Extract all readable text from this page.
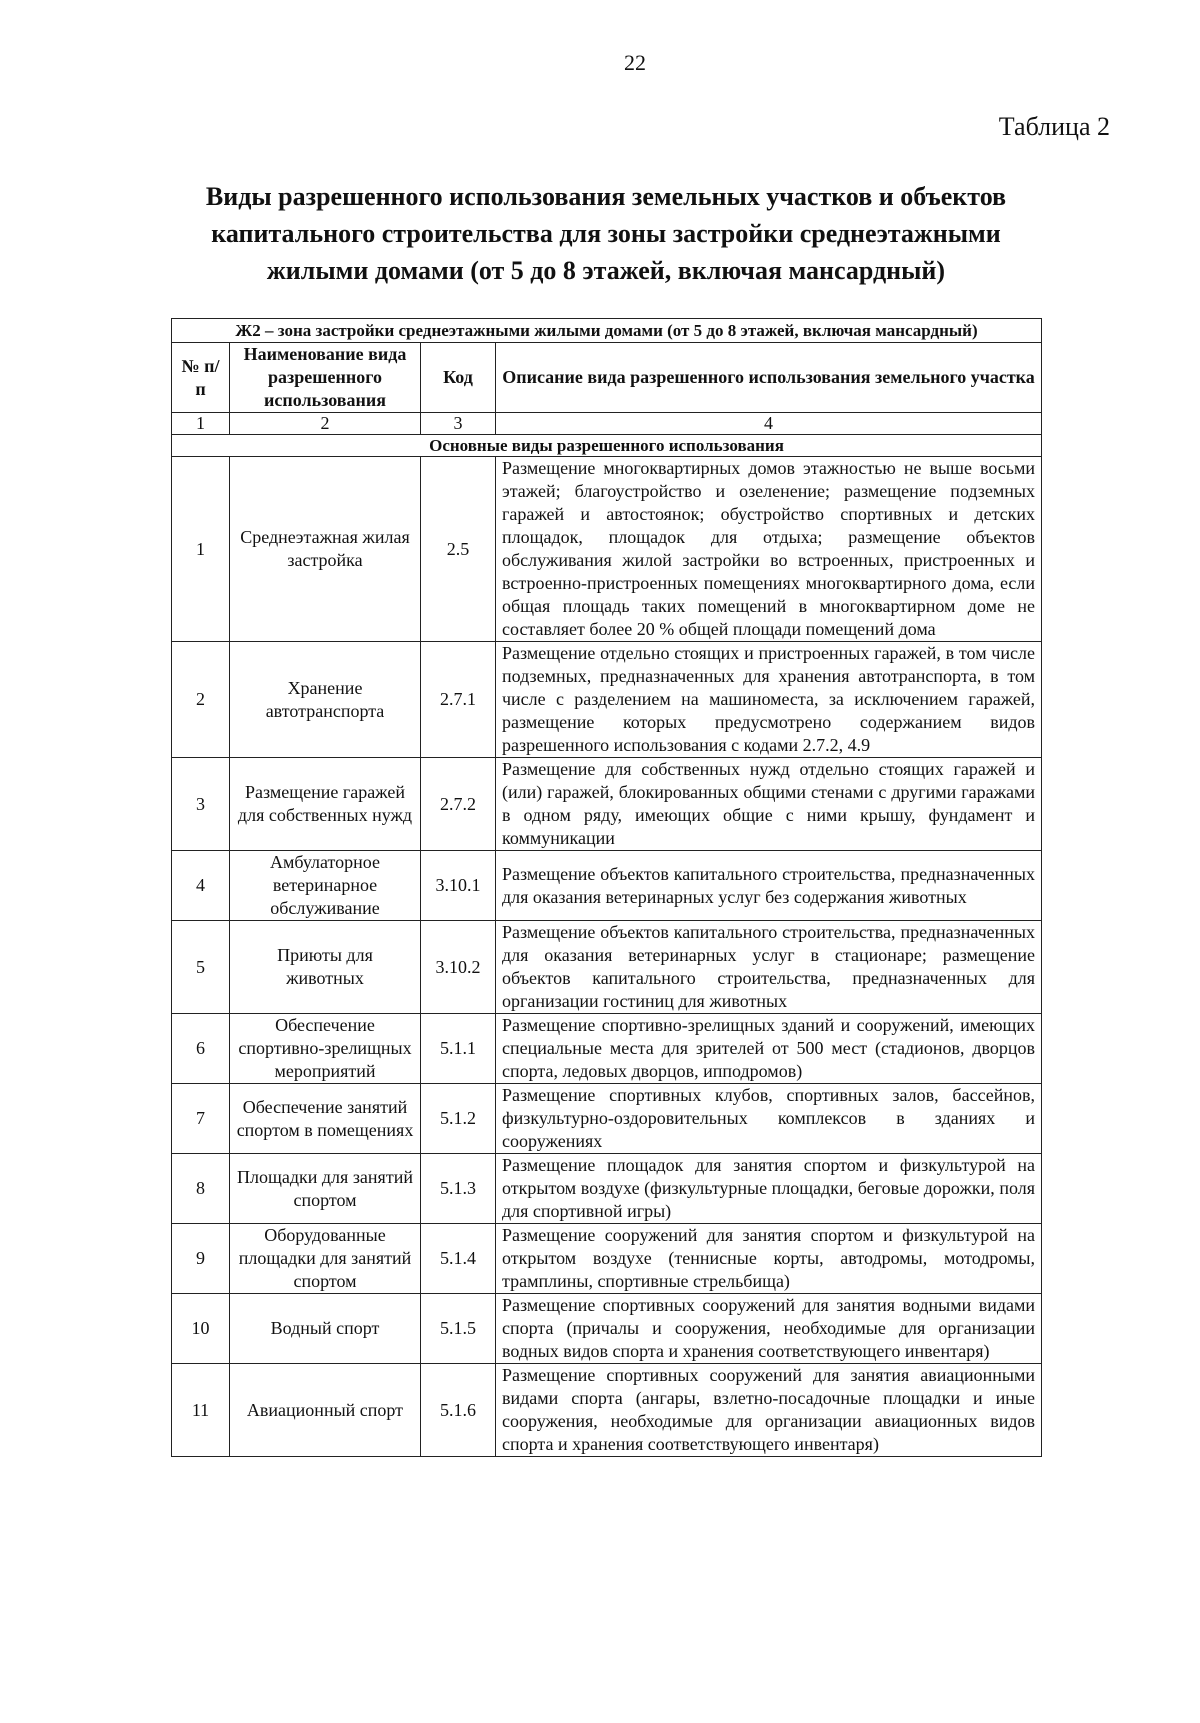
22
Таблица 2
Виды разрешенного использования земельных участков и объектов капитального строительства для зоны застройки среднеэтажными жилыми домами (от 5 до 8 этажей, включая мансардный)
Ж2 – зона застройки среднеэтажными жилыми домами (от 5 до 8 этажей, включая мансардный)			
№ п/п	Наименование вида разрешенного использования	Код	Описание вида разрешенного использования земельного участка
1	2	3	4
Основные виды разрешенного использования			
1	Среднеэтажная жилая застройка	2.5	Размещение многоквартирных домов этажностью не выше восьми этажей; благоустройство и озеленение; размещение подземных гаражей и автостоянок; обустройство спортивных и детских площадок, площадок для отдыха; размещение объектов обслуживания жилой застройки во встроенных, пристроенных и встроенно-пристроенных помещениях многоквартирного дома, если общая площадь таких помещений в многоквартирном доме не составляет более 20 % общей площади помещений дома
2	Хранение автотранспорта	2.7.1	Размещение отдельно стоящих и пристроенных гаражей, в том числе подземных, предназначенных для хранения автотранспорта, в том числе с разделением на машиноместа, за исключением гаражей, размещение которых предусмотрено содержанием видов разрешенного использования с кодами 2.7.2, 4.9
3	Размещение гаражей для собственных нужд	2.7.2	Размещение для собственных нужд отдельно стоящих гаражей и (или) гаражей, блокированных общими стенами с другими гаражами в одном ряду, имеющих общие с ними крышу, фундамент и коммуникации
4	Амбулаторное ветеринарное обслуживание	3.10.1	Размещение объектов капитального строительства, предназначенных для оказания ветеринарных услуг без содержания животных
5	Приюты для животных	3.10.2	Размещение объектов капитального строительства, предназначенных для оказания ветеринарных услуг в стационаре; размещение объектов капитального строительства, предназначенных для организации гостиниц для животных
6	Обеспечение спортивно-зрелищных мероприятий	5.1.1	Размещение спортивно-зрелищных зданий и сооружений, имеющих специальные места для зрителей от 500 мест (стадионов, дворцов спорта, ледовых дворцов, ипподромов)
7	Обеспечение занятий спортом в помещениях	5.1.2	Размещение спортивных клубов, спортивных залов, бассейнов, физкультурно-оздоровительных комплексов в зданиях и сооружениях
8	Площадки для занятий спортом	5.1.3	Размещение площадок для занятия спортом и физкультурой на открытом воздухе (физкультурные площадки, беговые дорожки, поля для спортивной игры)
9	Оборудованные площадки для занятий спортом	5.1.4	Размещение сооружений для занятия спортом и физкультурой на открытом воздухе (теннисные корты, автодромы, мотодромы, трамплины, спортивные стрельбища)
10	Водный спорт	5.1.5	Размещение спортивных сооружений для занятия водными видами спорта (причалы и сооружения, необходимые для организации водных видов спорта и хранения соответствующего инвентаря)
11	Авиационный спорт	5.1.6	Размещение спортивных сооружений для занятия авиационными видами спорта (ангары, взлетно-посадочные площадки и иные сооружения, необходимые для организации авиационных видов спорта и хранения соответствующего инвентаря)
